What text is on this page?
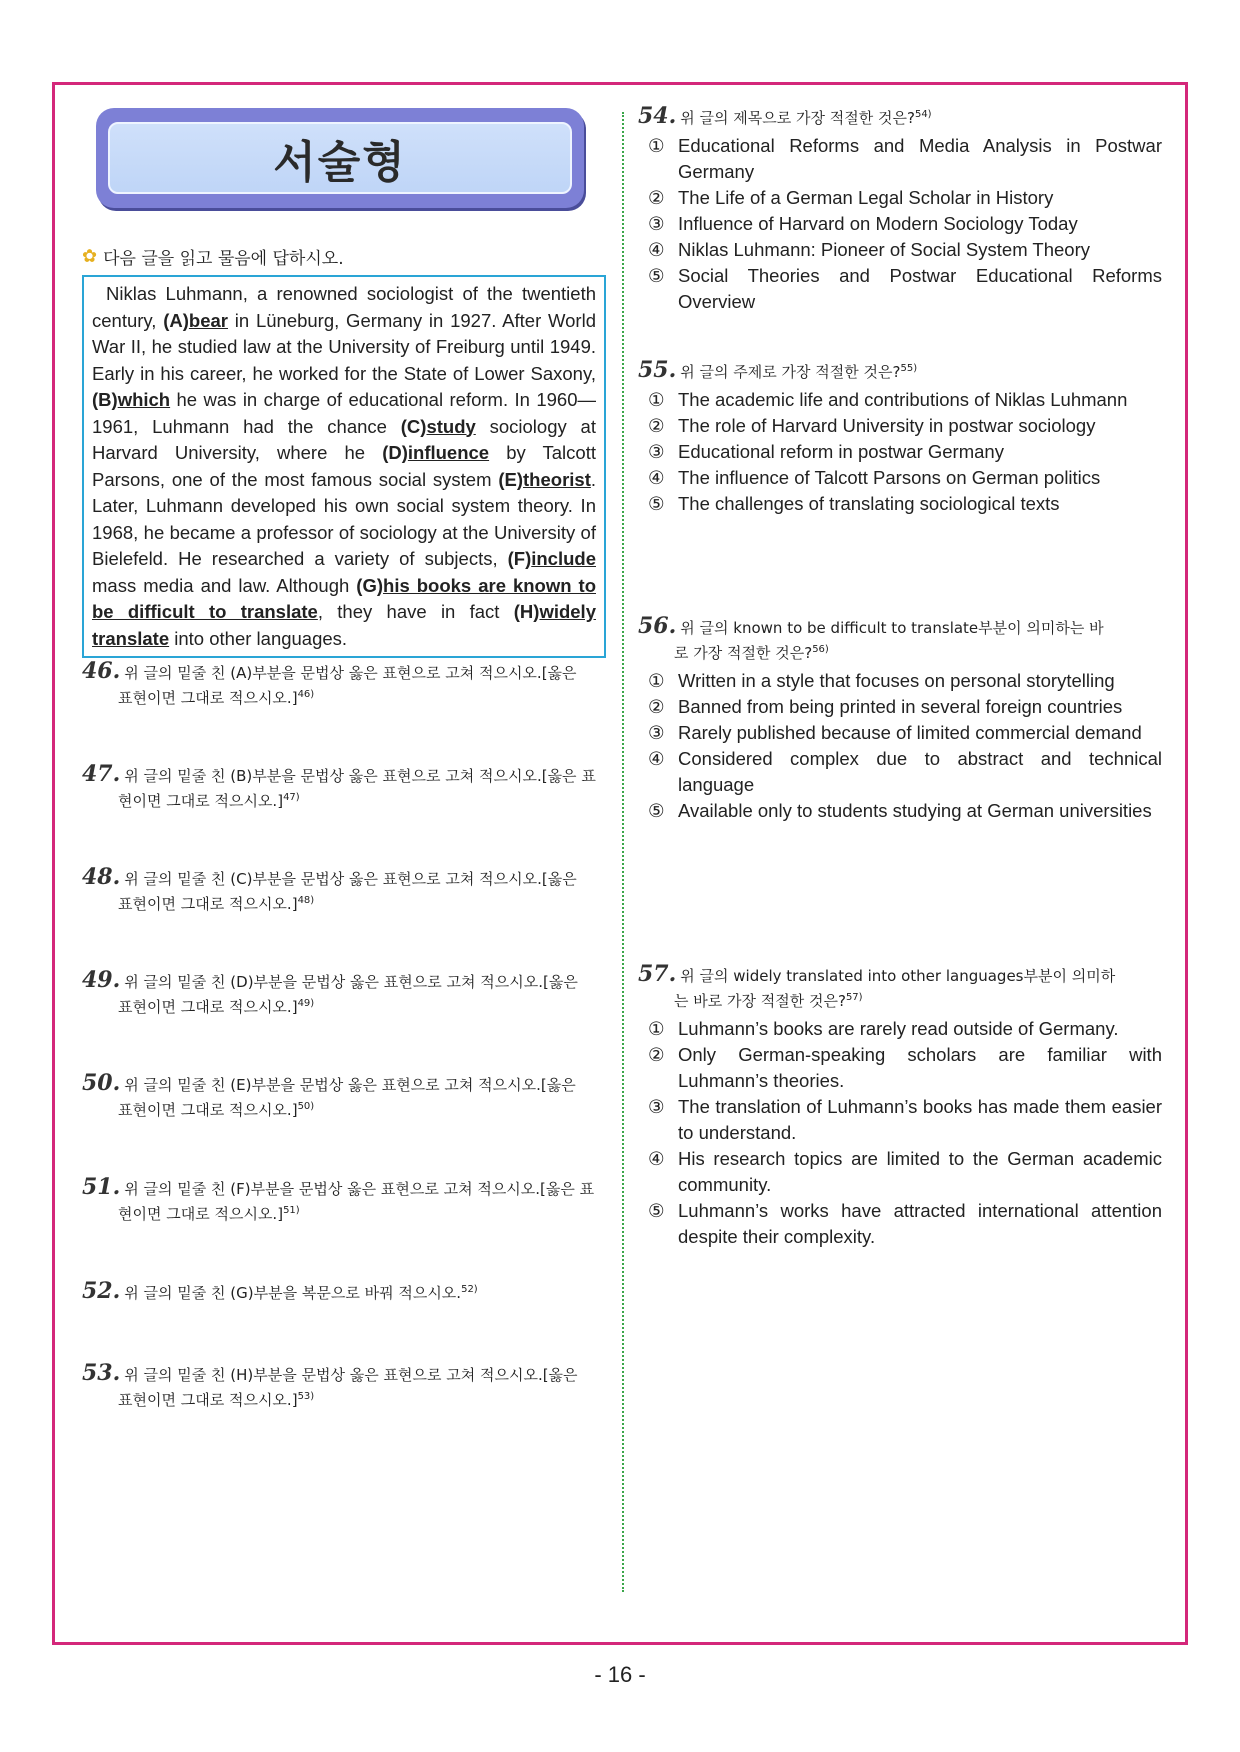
서술형
✿ 다음 글을 읽고 물음에 답하시오.
Niklas Luhmann, a renowned sociologist of the twentieth century, (A)bear in Lüneburg, Germany in 1927. After World War II, he studied law at the University of Freiburg until 1949. Early in his career, he worked for the State of Lower Saxony, (B)which he was in charge of educational reform. In 1960—1961, Luhmann had the chance (C)study sociology at Harvard University, where he (D)influence by Talcott Parsons, one of the most famous social system (E)theorist. Later, Luhmann developed his own social system theory. In 1968, he became a professor of sociology at the University of Bielefeld. He researched a variety of subjects, (F)include mass media and law. Although (G)his books are known to be difficult to translate, they have in fact (H)widely translate into other languages.
46. 위 글의 밑줄 친 (A)부분을 문법상 옳은 표현으로 고쳐 적으시오.[옳은
표현이면 그대로 적으시오.]$^{46)}$
47. 위 글의 밑줄 친 (B)부분을 문법상 옳은 표현으로 고쳐 적으시오.[옳은 표
현이면 그대로 적으시오.]$^{47)}$
48. 위 글의 밑줄 친 (C)부분을 문법상 옳은 표현으로 고쳐 적으시오.[옳은
표현이면 그대로 적으시오.]$^{48)}$
49. 위 글의 밑줄 친 (D)부분을 문법상 옳은 표현으로 고쳐 적으시오.[옳은
표현이면 그대로 적으시오.]$^{49)}$
50. 위 글의 밑줄 친 (E)부분을 문법상 옳은 표현으로 고쳐 적으시오.[옳은
표현이면 그대로 적으시오.]$^{50)}$
51. 위 글의 밑줄 친 (F)부분을 문법상 옳은 표현으로 고쳐 적으시오.[옳은 표
현이면 그대로 적으시오.]$^{51)}$
52. 위 글의 밑줄 친 (G)부분을 복문으로 바꿔 적으시오.$^{52)}$
53. 위 글의 밑줄 친 (H)부분을 문법상 옳은 표현으로 고쳐 적으시오.[옳은
표현이면 그대로 적으시오.]$^{53)}$
54. 위 글의 제목으로 가장 적절한 것은?$^{54)}$
① Educational Reforms and Media Analysis in Postwar Germany
② The Life of a German Legal Scholar in History
③ Influence of Harvard on Modern Sociology Today
④ Niklas Luhmann: Pioneer of Social System Theory
⑤ Social Theories and Postwar Educational Reforms Overview
55. 위 글의 주제로 가장 적절한 것은?$^{55)}$
① The academic life and contributions of Niklas Luhmann
② The role of Harvard University in postwar sociology
③ Educational reform in postwar Germany
④ The influence of Talcott Parsons on German politics
⑤ The challenges of translating sociological texts
56. 위 글의 known to be difficult to translate부분이 의미하는 바
로 가장 적절한 것은?$^{56)}$
① Written in a style that focuses on personal storytelling
② Banned from being printed in several foreign countries
③ Rarely published because of limited commercial demand
④ Considered complex due to abstract and technical language
⑤ Available only to students studying at German universities
57. 위 글의 widely translated into other languages부분이 의미하
는 바로 가장 적절한 것은?$^{57)}$
① Luhmann’s books are rarely read outside of Germany.
② Only German-speaking scholars are familiar with Luhmann’s theories.
③ The translation of Luhmann’s books has made them easier to understand.
④ His research topics are limited to the German academic community.
⑤ Luhmann’s works have attracted international attention despite their complexity.
- 16 -
